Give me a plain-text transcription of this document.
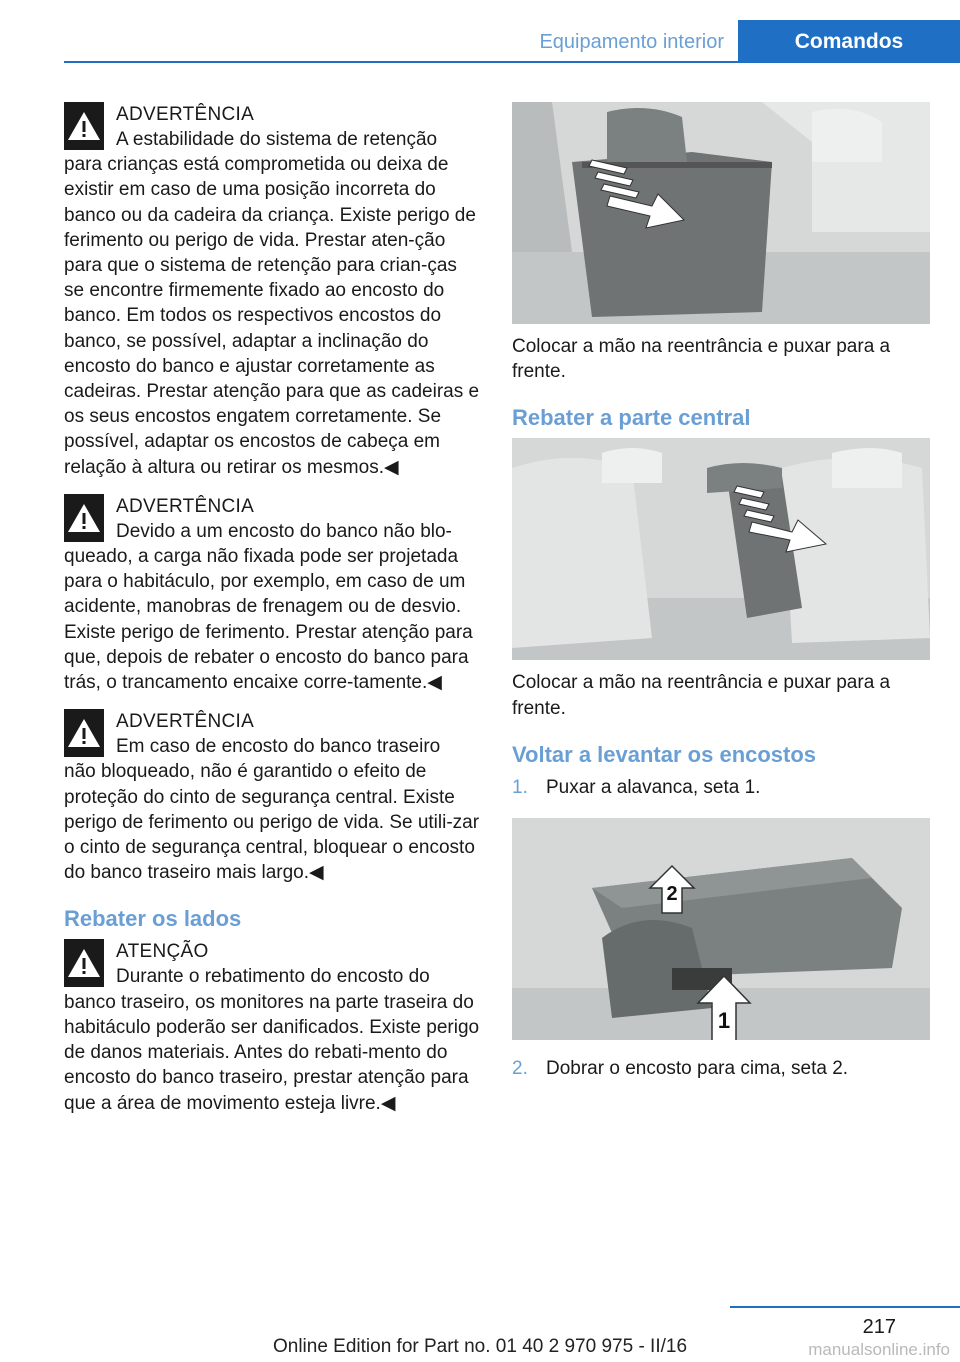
Equipamento interior	Comandos
ADVERTÊNCIA

A estabilidade do sistema de retenção
para crianças está comprometida ou deixa de existir em caso de uma posição incorreta do banco ou da cadeira da criança. Existe perigo de ferimento ou perigo de vida. Prestar aten-ção para que o sistema de retenção para crian-ças se encontre firmemente fixado ao encosto do banco. Em todos os respectivos encostos do banco, se possível, adaptar a inclinação do encosto do banco e ajustar corretamente as cadeiras. Prestar atenção para que as cadeiras e os seus encostos engatem corretamente. Se possível, adaptar os encostos de cabeça em relação à altura ou retirar os mesmos.◀

ADVERTÊNCIA

Devido a um encosto do banco não blo-
queado, a carga não fixada pode ser projetada para o habitáculo, por exemplo, em caso de um acidente, manobras de frenagem ou de desvio. Existe perigo de ferimento. Prestar atenção para que, depois de rebater o encosto do banco para trás, o trancamento encaixe corre-tamente.◀

ADVERTÊNCIA

Em caso de encosto do banco traseiro
não bloqueado, não é garantido o efeito de proteção do cinto de segurança central. Existe perigo de ferimento ou perigo de vida. Se utili-zar o cinto de segurança central, bloquear o encosto do banco traseiro mais largo.◀

Rebater os lados
ATENÇÃO

Durante o rebatimento do encosto do
banco traseiro, os monitores na parte traseira do habitáculo poderão ser danificados. Existe perigo de danos materiais. Antes do rebati-mento do encosto do banco traseiro, prestar atenção para que a área de movimento esteja livre.◀

Colocar a mão na reentrância e puxar para a frente.

Rebater a parte central

Colocar a mão na reentrância e puxar para a frente.

Voltar a levantar os encostos
1. Puxar a alavanca, seta 1.
1
2
2. Dobrar o encosto para cima, seta 2.
217
Online Edition for Part no. 01 40 2 970 975 - II/16	manualsonline.info
